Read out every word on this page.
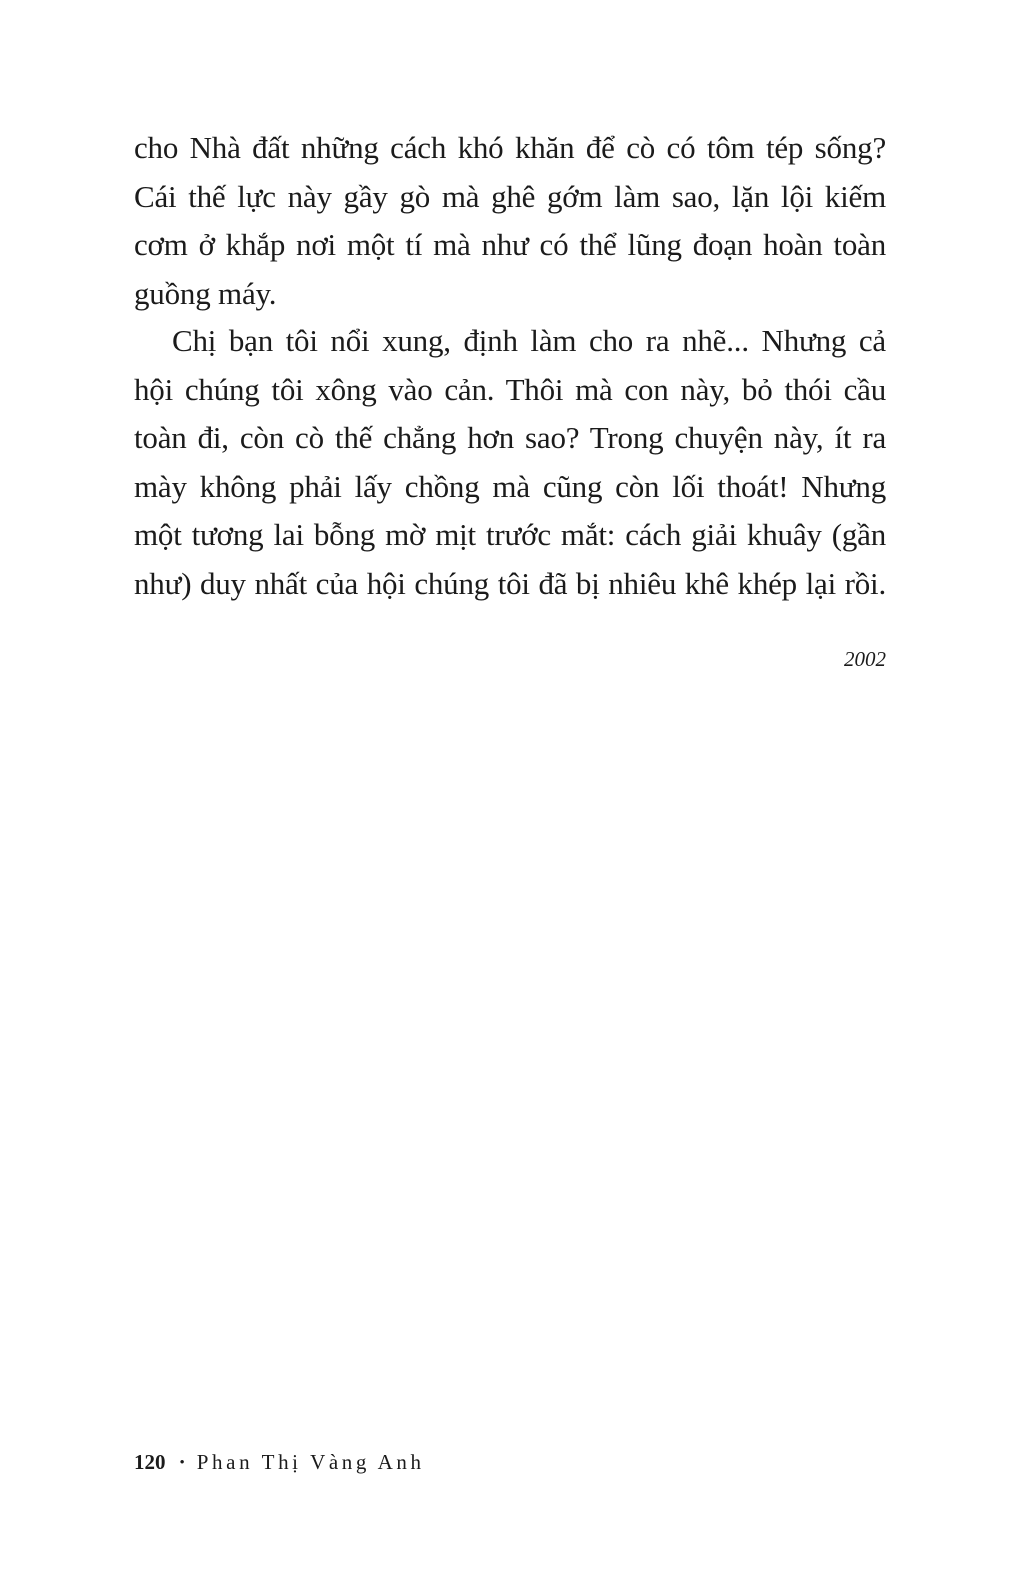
cho Nhà đất những cách khó khăn để cò có tôm tép sống?
Cái thế lực này gầy gò mà ghê gớm làm sao, lặn lội kiếm
cơm ở khắp nơi một tí mà như có thể lũng đoạn hoàn toàn
guồng máy.
Chị bạn tôi nổi xung, định làm cho ra nhẽ... Nhưng cả
hội chúng tôi xông vào cản. Thôi mà con này, bỏ thói cầu
toàn đi, còn cò thế chẳng hơn sao? Trong chuyện này, ít ra
mày không phải lấy chồng mà cũng còn lối thoát! Nhưng
một tương lai bỗng mờ mịt trước mắt: cách giải khuây (gần
như) duy nhất của hội chúng tôi đã bị nhiêu khê khép lại rồi.
2002
120 • Phan Thị Vàng Anh
